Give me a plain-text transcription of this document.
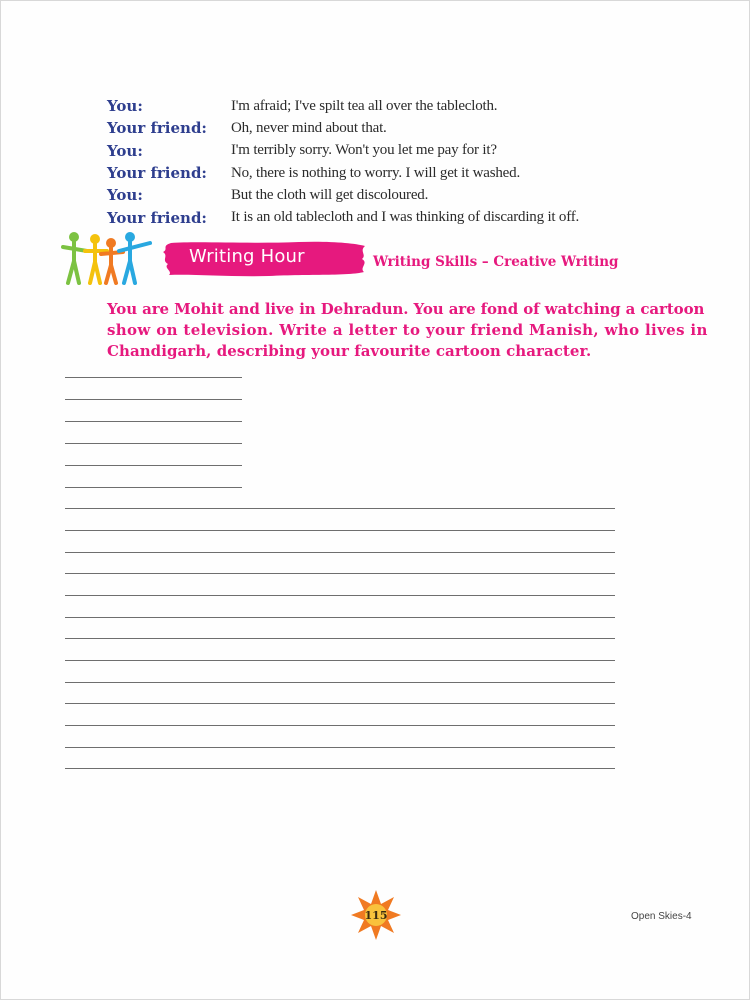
You:	I'm afraid; I've spilt tea all over the tablecloth.
Your friend:	Oh, never mind about that.
You:	I'm terribly sorry. Won't you let me pay for it?
Your friend:	No, there is nothing to worry. I will get it washed.
You:	But the cloth will get discoloured.
Your friend:	It is an old tablecloth and I was thinking of discarding it off.
Writing Hour	Writing Skills – Creative Writing
You are Mohit and live in Dehradun. You are fond of watching a cartoon
show on television. Write a letter to your friend Manish, who lives in
Chandigarh, describing your favourite cartoon character.
115	Open Skies-4
